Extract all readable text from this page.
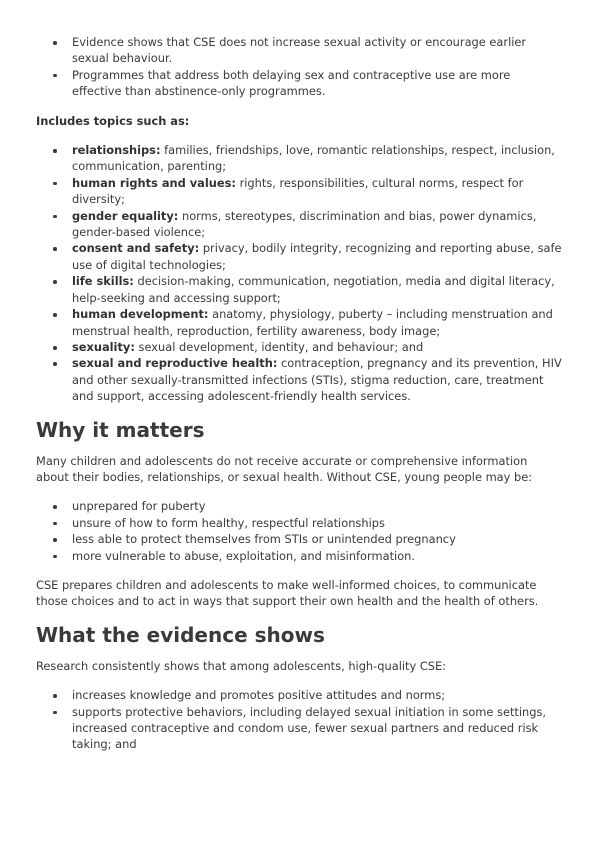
Evidence shows that CSE does not increase sexual activity or encourage earlier sexual behaviour.
Programmes that address both delaying sex and contraceptive use are more effective than abstinence-only programmes.

Includes topics such as:

relationships: families, friendships, love, romantic relationships, respect, inclusion, communication, parenting;
human rights and values: rights, responsibilities, cultural norms, respect for diversity;
gender equality: norms, stereotypes, discrimination and bias, power dynamics, gender-based violence;
consent and safety: privacy, bodily integrity, recognizing and reporting abuse, safe use of digital technologies;
life skills: decision-making, communication, negotiation, media and digital literacy, help-seeking and accessing support;
human development: anatomy, physiology, puberty – including menstruation and menstrual health, reproduction, fertility awareness, body image;
sexuality: sexual development, identity, and behaviour; and
sexual and reproductive health: contraception, pregnancy and its prevention, HIV and other sexually-transmitted infections (STIs), stigma reduction, care, treatment and support, accessing adolescent-friendly health services.
Why it matters

Many children and adolescents do not receive accurate or comprehensive information about their bodies, relationships, or sexual health. Without CSE, young people may be:

unprepared for puberty
unsure of how to form healthy, respectful relationships
less able to protect themselves from STIs or unintended pregnancy
more vulnerable to abuse, exploitation, and misinformation.

CSE prepares children and adolescents to make well-informed choices, to communicate those choices and to act in ways that support their own health and the health of others.

What the evidence shows

Research consistently shows that among adolescents, high-quality CSE:

increases knowledge and promotes positive attitudes and norms;
supports protective behaviors, including delayed sexual initiation in some settings, increased contraceptive and condom use, fewer sexual partners and reduced risk taking; and
